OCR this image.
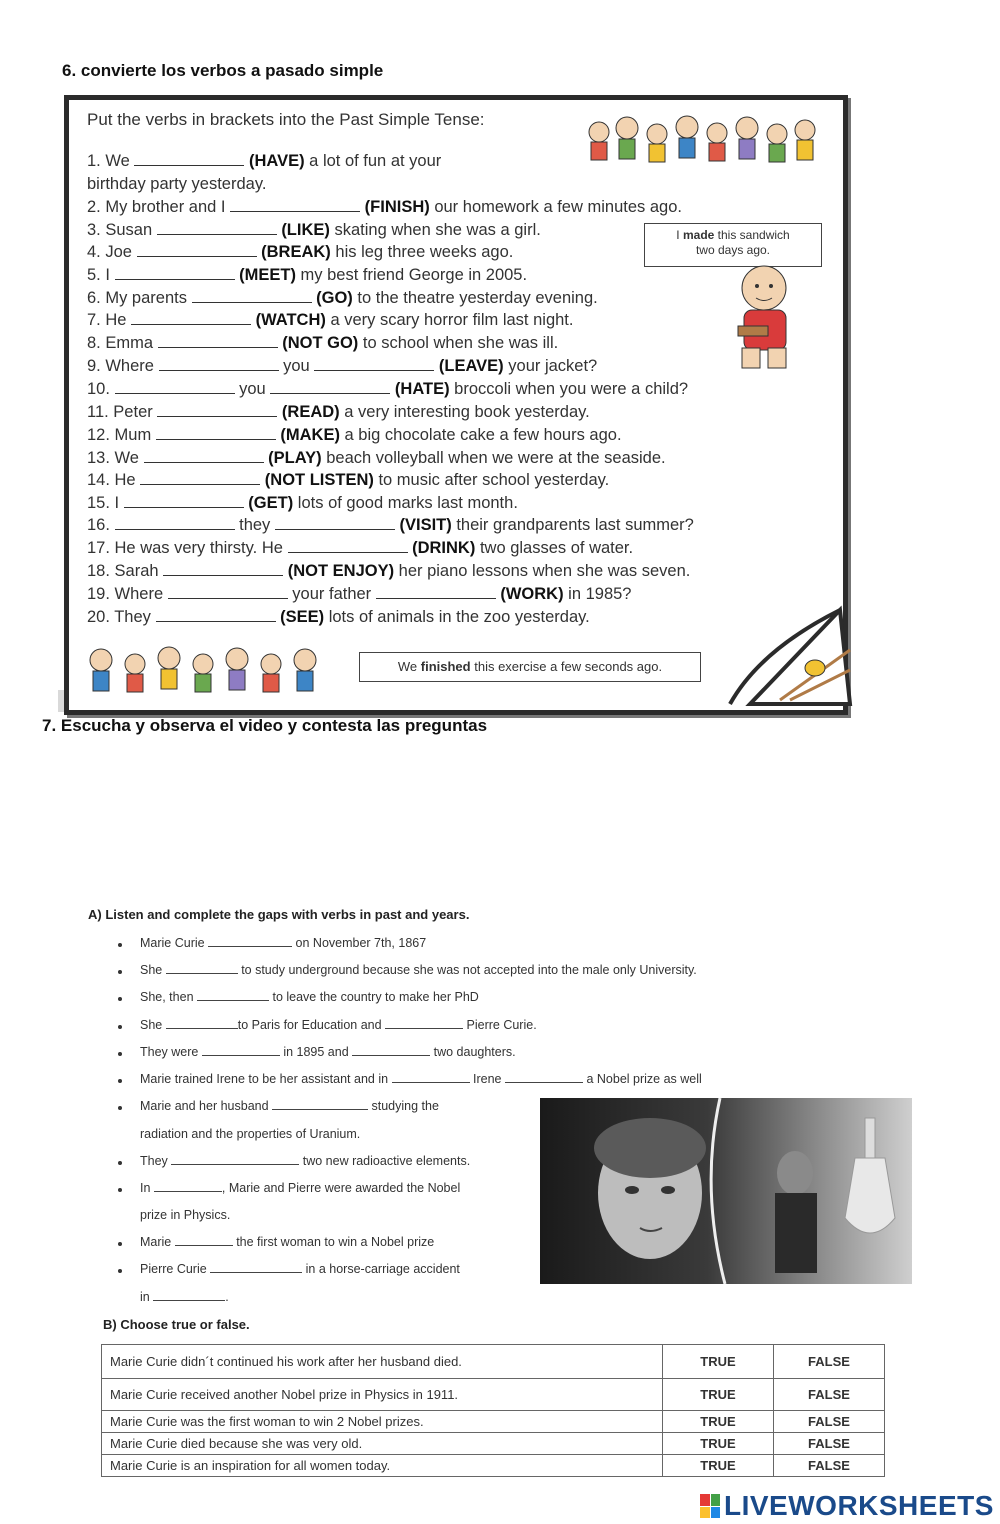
6. convierte los verbos a pasado simple
Put the verbs in brackets into the Past Simple Tense:
1. We	(HAVE) a lot of fun at your
birthday party yesterday.
2. My brother and I	(FINISH) our homework a few minutes ago.
3. Susan	(LIKE) skating when she was a girl.
4. Joe	(BREAK) his leg three weeks ago.
5. I	(MEET) my best friend George in 2005.
6. My parents	(GO) to the theatre yesterday evening.
7. He	(WATCH) a very scary horror film last night.
8. Emma	(NOT GO) to school when she was ill.
9. Where	you	(LEAVE) your jacket?
10.	you	(HATE) broccoli when you were a child?
11. Peter	(READ) a very interesting book yesterday.
12. Mum	(MAKE) a big chocolate cake a few hours ago.
13. We	(PLAY) beach volleyball when we were at the seaside.
14. He	(NOT LISTEN) to music after school yesterday.
15. I	(GET) lots of good marks last month.
16.	they	(VISIT) their grandparents last summer?
17. He was very thirsty. He	(DRINK) two glasses of water.
18. Sarah	(NOT ENJOY) her piano lessons when she was seven.
19. Where	your father	(WORK) in 1985?
20. They	(SEE) lots of animals in the zoo yesterday.
I made this sandwich
two days ago.
We finished this exercise a few seconds ago.
7. Escucha y observa el video y contesta las preguntas
A) Listen and complete the gaps with verbs in past and years.
Marie Curie	on November 7th, 1867
She	to study underground because she was not accepted into the male only University.
She, then	to leave the country to make her PhD
She	to Paris for Education and	Pierre Curie.
They were	in 1895 and	two daughters.
Marie trained Irene to be her assistant and in	Irene	a Nobel prize as well
Marie and her husband	studying the
radiation and the properties of Uranium.
They	two new radioactive elements.
In	, Marie and Pierre were awarded the Nobel
prize in Physics.
Marie	the first woman to win a Nobel prize
Pierre Curie	in a horse-carriage accident
in	.
B) Choose true or false.
Marie Curie didn´t continued his work after her husband died.	TRUE	FALSE
Marie Curie received another Nobel prize in Physics in 1911.	TRUE	FALSE
Marie Curie was the first woman to win 2 Nobel prizes.	TRUE	FALSE
Marie Curie died because she was very old.	TRUE	FALSE
Marie Curie is an inspiration for all women today.	TRUE	FALSE
LIVEWORKSHEETS
